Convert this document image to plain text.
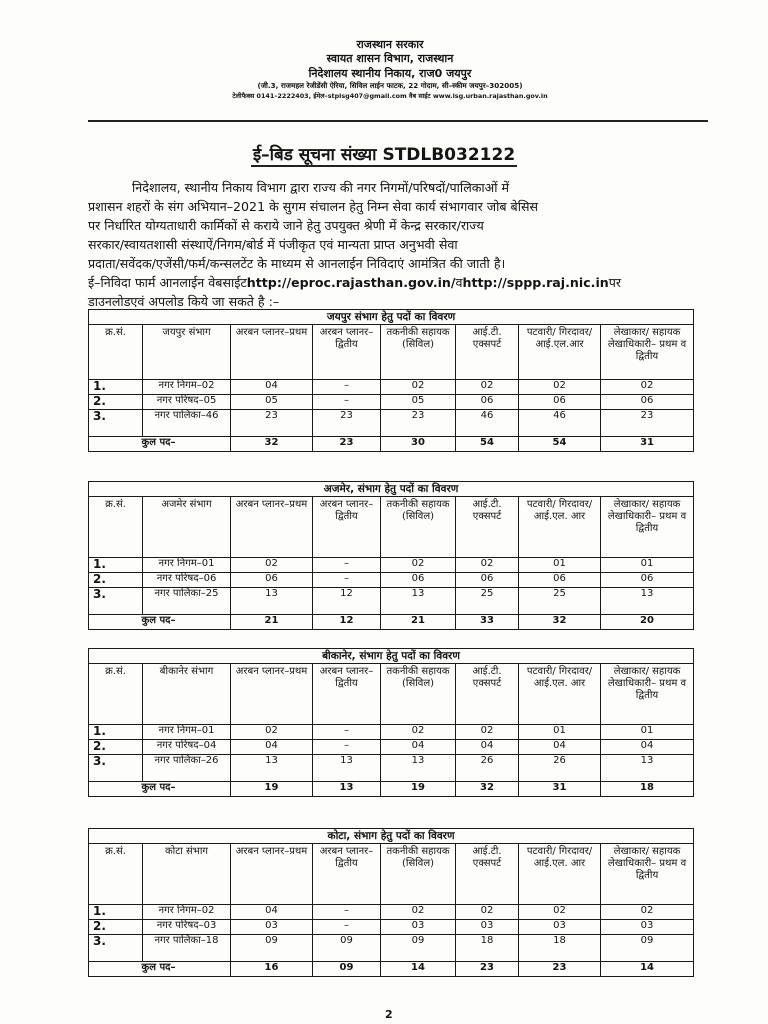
राजस्थान सरकार
स्वायत शासन विभाग, राजस्थान
निदेशालय स्थानीय निकाय, राज0 जयपुर
(जी.3, राजमहल रेजीडेंसी ऐरिया, सिविल लाईन फाटक, 22 गोदाम, सी–स्कीम जयपुर–302005)
टेलीफैक्स 0141–2222403, ईमेल–stplsg407@gmail.com वैब साईट www.lsg.urban.rajasthan.gov.in
ई–बिड सूचना संख्या STDLB032122
निदेशालय, स्थानीय निकाय विभाग द्वारा राज्य की नगर निगमों/परिषदों/पालिकाओं में
प्रशासन शहरों के संग अभियान–2021 के सुगम संचालन हेतु निम्न सेवा कार्य संभागवार जोब बेसिस
पर निर्धारित योग्यताधारी कार्मिकों से कराये जाने हेतु उपयुक्त श्रेणी में केन्द्र सरकार/राज्य
सरकार/स्वायतशासी संस्थाऐं/निगम/बोर्ड में पंजीकृत एवं मान्यता प्राप्त अनुभवी सेवा
प्रदाता/सवेंदक/एजेंसी/फर्म/कन्सलटेंट के माध्यम से आनलाईन निविदाएं आमंत्रित की जाती है।
ई–निविदा फार्म आनलाईन वेबसाईटhttp://eproc.rajasthan.gov.in/वhttp://sppp.raj.nic.inपर
डाउनलोडएवं अपलोड किये जा सकते है :–
जयपुर संभाग हेतु पदों का विवरण							
क्र.सं.	जयपुर संभाग	अरबन प्लानर–प्रथम	अरबन प्लानर– द्वितीय	तकनीकी सहायक (सिविल)	आई.टी. एक्सपर्ट	पटवारी/ गिरदावर/ आई.एल.आर	लेखाकार/ सहायक लेखाधिकारी– प्रथम व द्वितीय
1.	नगर निगम–02	04	–	02	02	02	02
2.	नगर परिषद–05	05	–	05	06	06	06
3.	नगर पालिका–46	23	23	23	46	46	23
कुल पद–		32	23	30	54	54	31
अजमेर, संभाग हेतु पदों का विवरण							
क्र.सं.	अजमेर संभाग	अरबन प्लानर–प्रथम	अरबन प्लानर– द्वितीय	तकनीकी सहायक (सिविल)	आई.टी. एक्सपर्ट	पटवारी/ गिरदावर/ आई.एल. आर	लेखाकार/ सहायक लेखाधिकारी– प्रथम व द्वितीय
1.	नगर निगम–01	02	–	02	02	01	01
2.	नगर परिषद–06	06	–	06	06	06	06
3.	नगर पालिका–25	13	12	13	25	25	13
कुल पद–		21	12	21	33	32	20
बीकानेर, संभाग हेतु पदों का विवरण							
क्र.सं.	बीकानेर संभाग	अरबन प्लानर–प्रथम	अरबन प्लानर– द्वितीय	तकनीकी सहायक (सिविल)	आई.टी. एक्सपर्ट	पटवारी/ गिरदावर/ आई.एल. आर	लेखाकार/ सहायक लेखाधिकारी– प्रथम व द्वितीय
1.	नगर निगम–01	02	–	02	02	01	01
2.	नगर परिषद–04	04	–	04	04	04	04
3.	नगर पालिका–26	13	13	13	26	26	13
कुल पद–		19	13	19	32	31	18
कोटा, संभाग हेतु पदों का विवरण							
क्र.सं.	कोटा संभाग	अरबन प्लानर–प्रथम	अरबन प्लानर– द्वितीय	तकनीकी सहायक (सिविल)	आई.टी. एक्सपर्ट	पटवारी/ गिरदावर/ आई.एल. आर	लेखाकार/ सहायक लेखाधिकारी– प्रथम व द्वितीय
1.	नगर निगम–02	04	–	02	02	02	02
2.	नगर परिषद–03	03	–	03	03	03	03
3.	नगर पालिका–18	09	09	09	18	18	09
कुल पद–		16	09	14	23	23	14
2
